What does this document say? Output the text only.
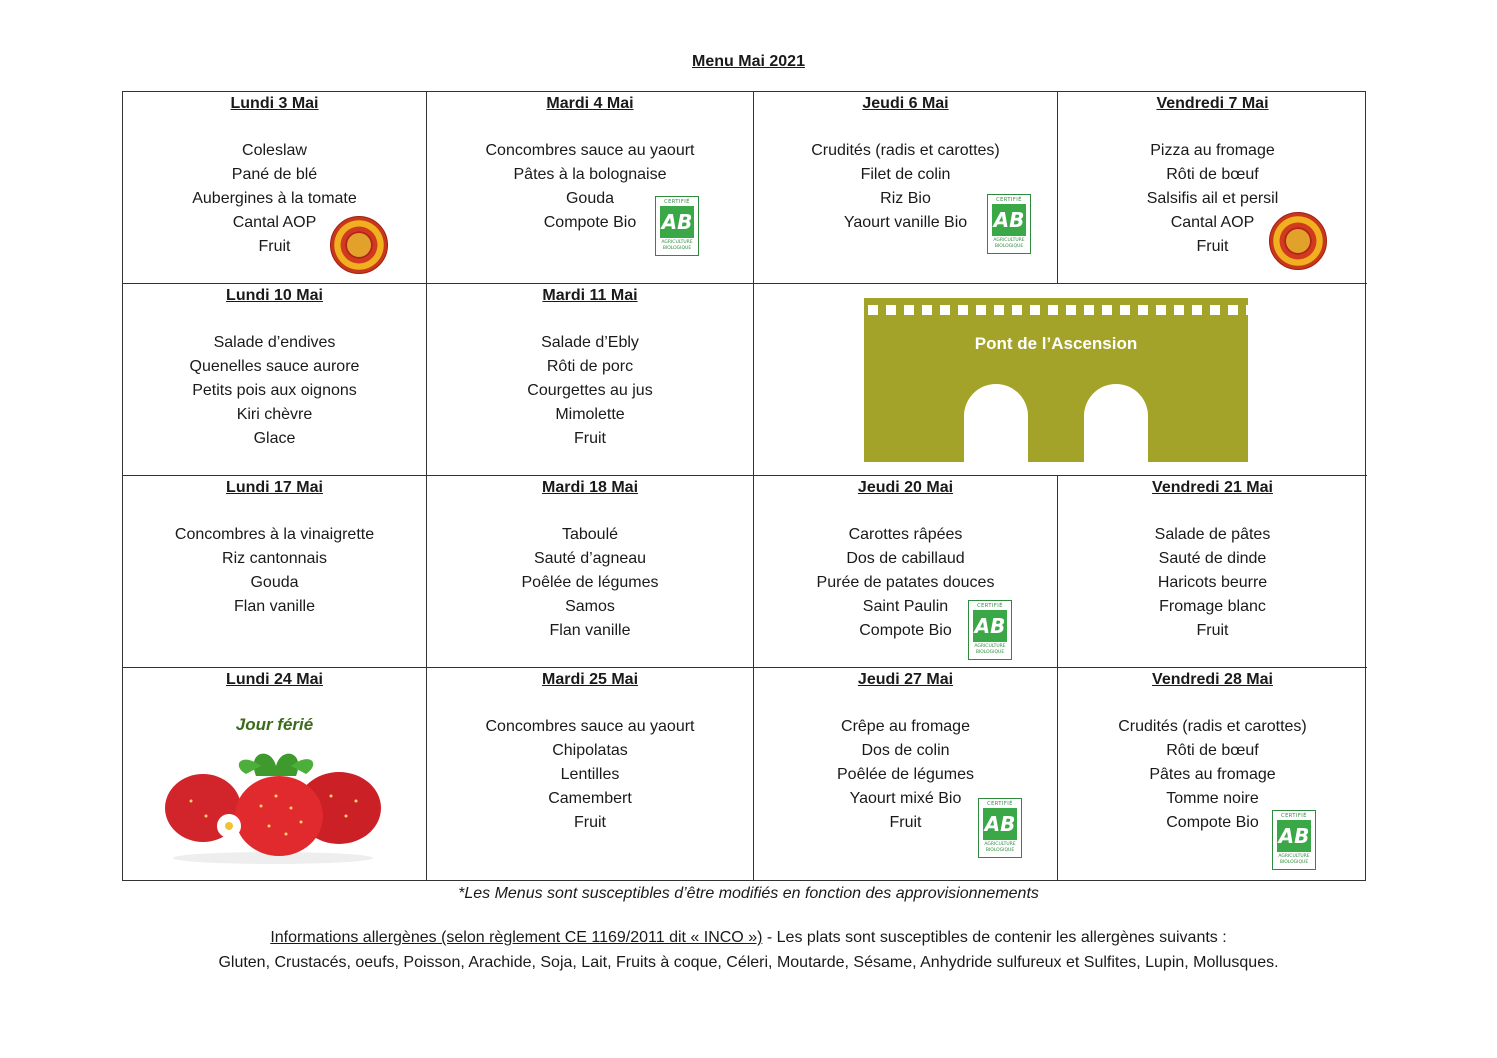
Menu Mai 2021
Lundi 3 Mai
Coleslaw
Pané de blé
Aubergines à la tomate
Cantal AOP
Fruit
Mardi 4 Mai
Concombres sauce au yaourt
Pâtes à la bolognaise
Gouda
Compote Bio
CERTIFIÉ
AB
AGRICULTURE BIOLOGIQUE
Jeudi 6 Mai
Crudités (radis et carottes)
Filet de colin
Riz Bio
Yaourt vanille Bio
CERTIFIÉ
AB
AGRICULTURE BIOLOGIQUE
Vendredi 7 Mai
Pizza au fromage
Rôti de bœuf
Salsifis ail et persil
Cantal AOP
Fruit
Lundi 10 Mai
Salade d’endives
Quenelles sauce aurore
Petits pois aux oignons
Kiri chèvre
Glace
Mardi 11 Mai
Salade d’Ebly
Rôti de porc
Courgettes au jus
Mimolette
Fruit
Pont de l’Ascension
Lundi 17 Mai
Concombres à la vinaigrette
Riz cantonnais
Gouda
Flan vanille
Mardi 18 Mai
Taboulé
Sauté d’agneau
Poêlée de légumes
Samos
Flan vanille
Jeudi 20 Mai
Carottes râpées
Dos de cabillaud
Purée de patates douces
Saint Paulin
Compote Bio
CERTIFIÉ
AB
AGRICULTURE BIOLOGIQUE
Vendredi 21 Mai
Salade de pâtes
Sauté de dinde
Haricots beurre
Fromage blanc
Fruit
Lundi 24 Mai
Jour férié
Mardi 25 Mai
Concombres sauce au yaourt
Chipolatas
Lentilles
Camembert
Fruit
Jeudi 27 Mai
Crêpe au fromage
Dos de colin
Poêlée de légumes
Yaourt mixé Bio
Fruit
CERTIFIÉ
AB
AGRICULTURE BIOLOGIQUE
Vendredi 28 Mai
Crudités (radis et carottes)
Rôti de bœuf
Pâtes au fromage
Tomme noire
Compote Bio	CERTIFIÉ
AB
AGRICULTURE BIOLOGIQUE
*Les Menus sont susceptibles d’être modifiés en fonction des approvisionnements
Informations allergènes (selon règlement CE 1169/2011 dit « INCO ») - Les plats sont susceptibles de contenir les allergènes suivants :
Gluten, Crustacés, oeufs, Poisson, Arachide, Soja, Lait, Fruits à coque, Céleri, Moutarde, Sésame, Anhydride sulfureux et Sulfites, Lupin, Mollusques.
